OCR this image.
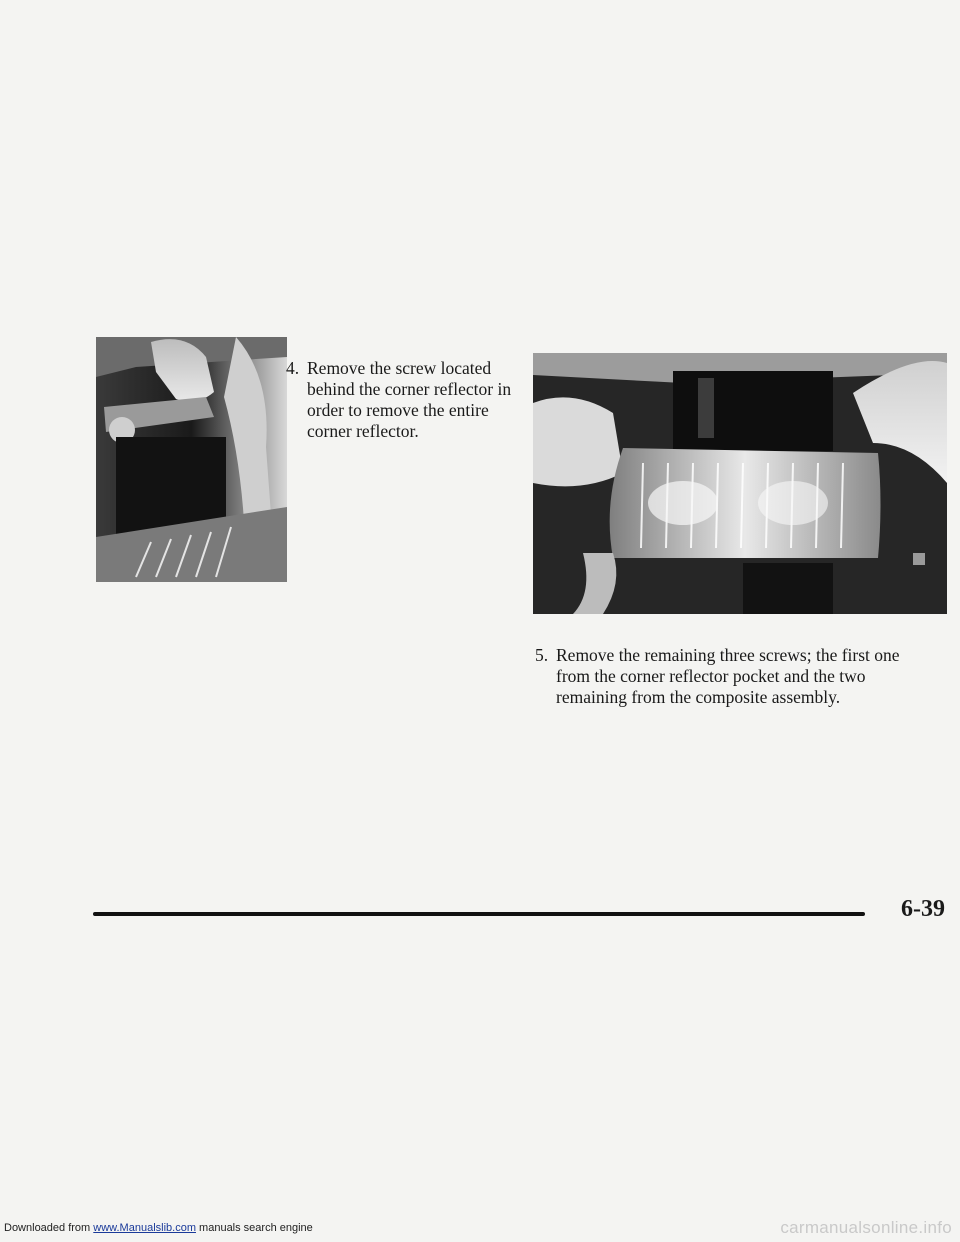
4. Remove the screw located behind the corner reflector in order to remove the entire corner reflector.
5. Remove the remaining three screws; the first one from the corner reflector pocket and the two remaining from the composite assembly.
6-39
Downloaded from www.Manualslib.com manuals search engine	carmanualsonline.info
